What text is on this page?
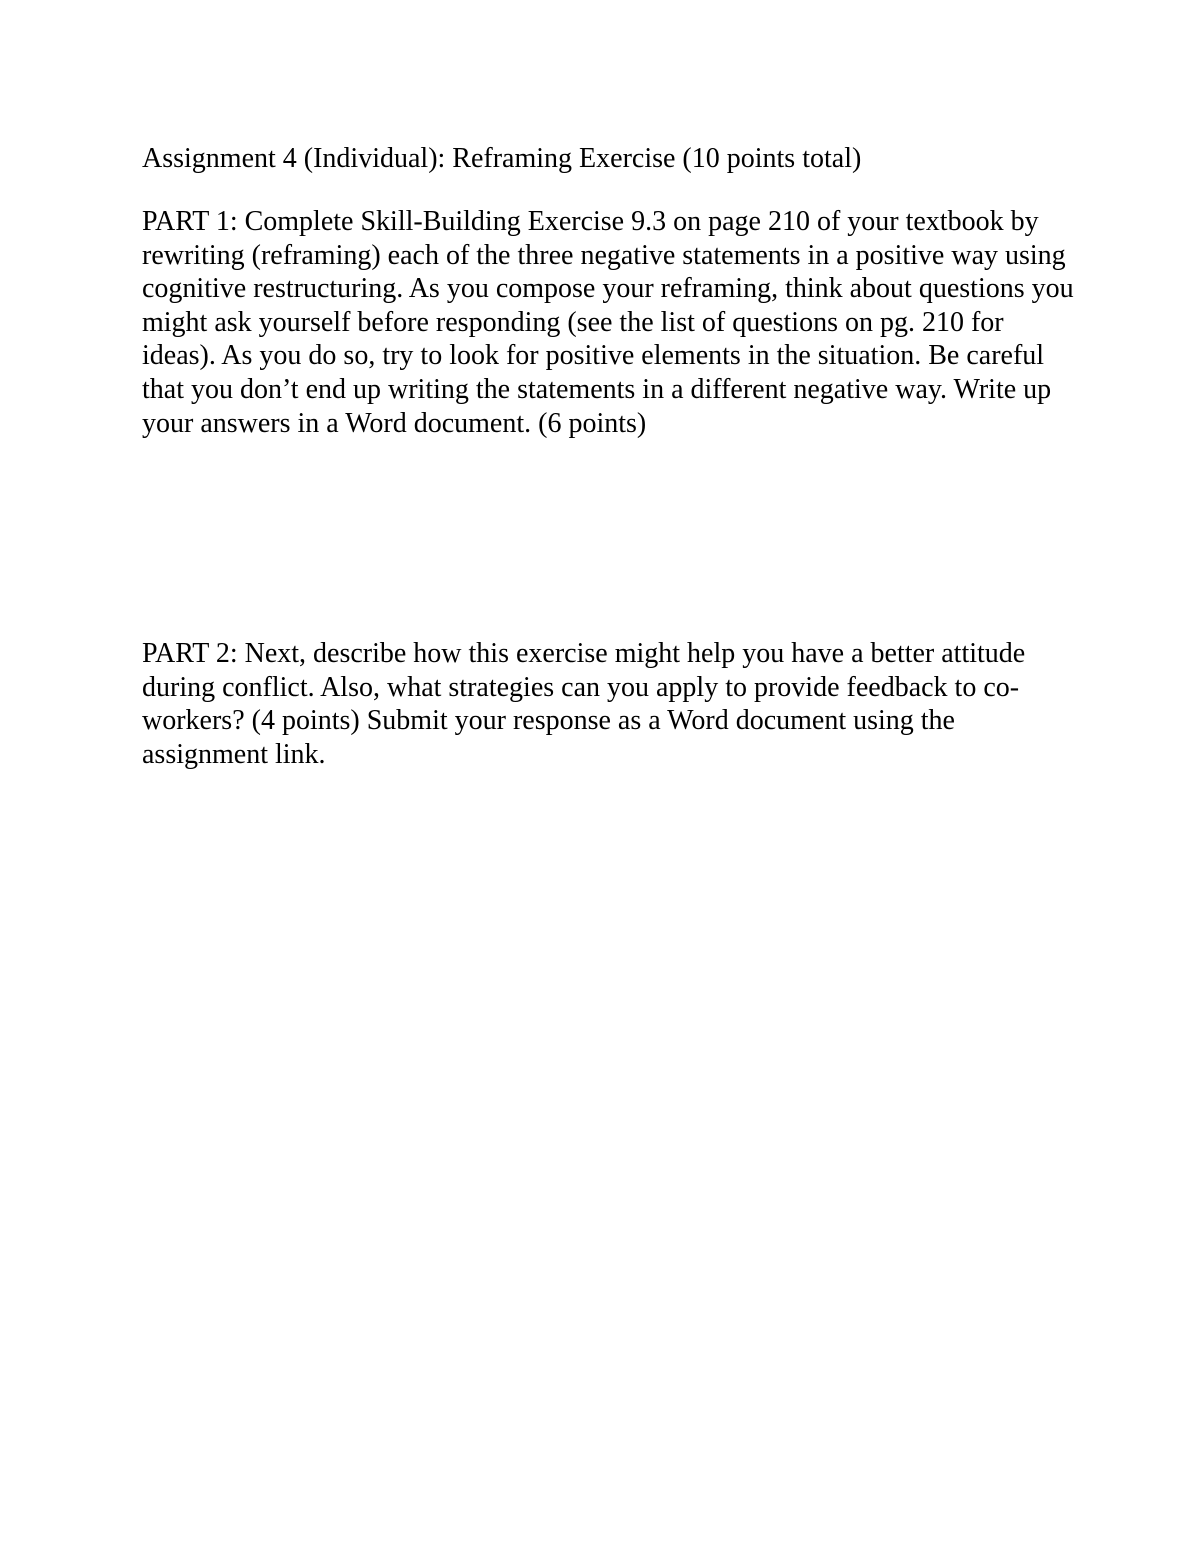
Assignment 4 (Individual): Reframing Exercise (10 points total)

PART 1: Complete Skill-Building Exercise 9.3 on page 210 of your textbook by rewriting (reframing) each of the three negative statements in a positive way using cognitive restructuring. As you compose your reframing, think about questions you might ask yourself before responding (see the list of questions on pg. 210 for ideas). As you do so, try to look for positive elements in the situation. Be careful that you don’t end up writing the statements in a different negative way. Write up your answers in a Word document. (6 points)

PART 2: Next, describe how this exercise might help you have a better attitude during conflict. Also, what strategies can you apply to provide feedback to co-workers? (4 points) Submit your response as a Word document using the assignment link.
